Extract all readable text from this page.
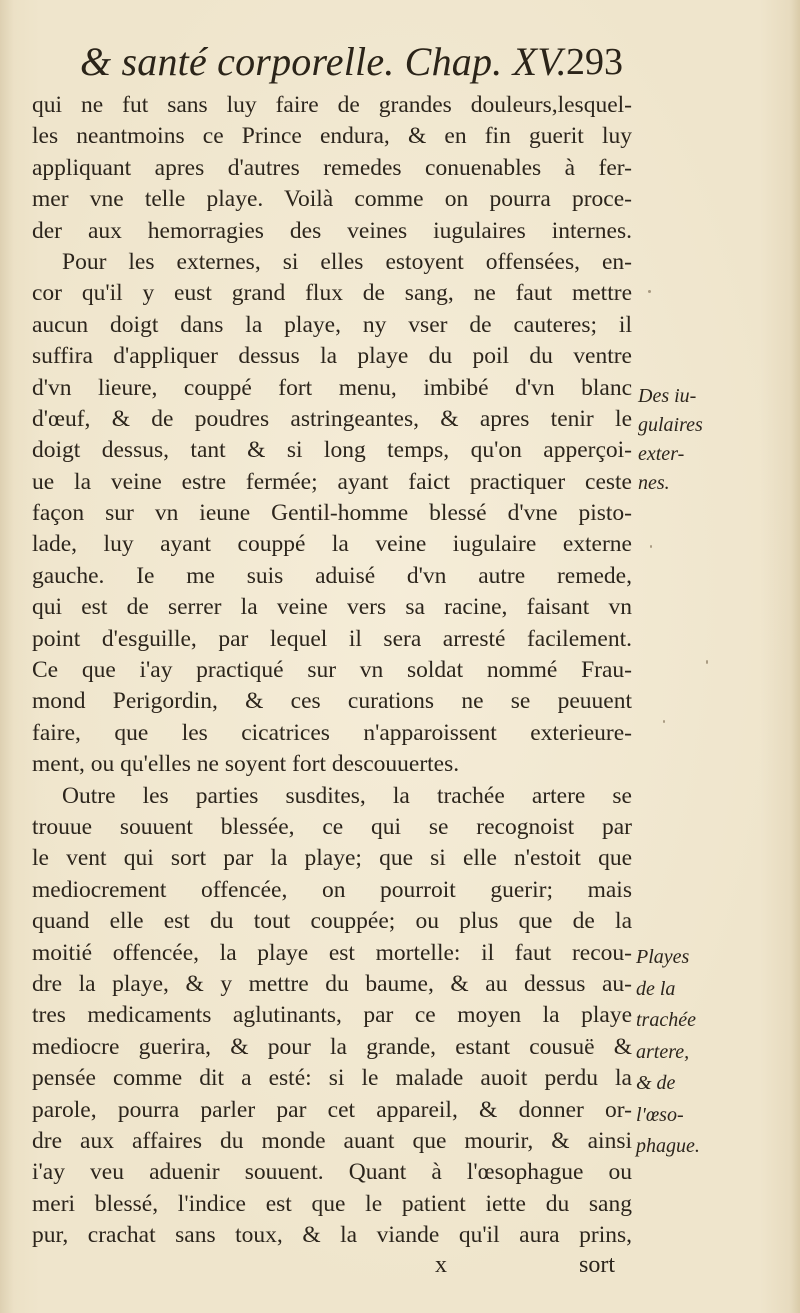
& santé corporelle. Chap. XV. 293
qui ne fut sans luy faire de grandes douleurs,lesquel-
les neantmoins ce Prince endura, & en fin guerit luy
appliquant apres d'autres remedes conuenables à fer-
mer vne telle playe. Voilà comme on pourra proce-
der aux hemorragies des veines iugulaires internes.
Pour les externes, si elles estoyent offensées, en-
cor qu'il y eust grand flux de sang, ne faut mettre
aucun doigt dans la playe, ny vser de cauteres; il
suffira d'appliquer dessus la playe du poil du ventre
d'vn lieure, couppé fort menu, imbibé d'vn blanc
d'œuf, & de poudres astringeantes, & apres tenir le
doigt dessus, tant & si long temps, qu'on apperçoi-
ue la veine estre fermée; ayant faict practiquer ceste
façon sur vn ieune Gentil-homme blessé d'vne pisto-
lade, luy ayant couppé la veine iugulaire externe
gauche. Ie me suis aduisé d'vn autre remede,
qui est de serrer la veine vers sa racine, faisant vn
point d'esguille, par lequel il sera arresté facilement.
Ce que i'ay practiqué sur vn soldat nommé Frau-
mond Perigordin, & ces curations ne se peuuent
faire, que les cicatrices n'apparoissent exterieure-
ment, ou qu'elles ne soyent fort descouuertes.
Outre les parties susdites, la trachée artere se
trouue souuent blessée, ce qui se recognoist par
le vent qui sort par la playe; que si elle n'estoit que
mediocrement offencée, on pourroit guerir; mais
quand elle est du tout couppée; ou plus que de la
moitié offencée, la playe est mortelle: il faut recou-
dre la playe, & y mettre du baume, & au dessus au-
tres medicaments aglutinants, par ce moyen la playe
mediocre guerira, & pour la grande, estant cousuë &
pensée comme dit a esté: si le malade auoit perdu la
parole, pourra parler par cet appareil, & donner or-
dre aux affaires du monde auant que mourir, & ainsi
i'ay veu aduenir souuent. Quant à l'œsophague ou
meri blessé, l'indice est que le patient iette du sang
pur, crachat sans toux, & la viande qu'il aura prins,
Des iu-
gulaires
exter-
nes.
Playes
de la
trachée
artere,
& de
l'œso-
phague.
x	sort
